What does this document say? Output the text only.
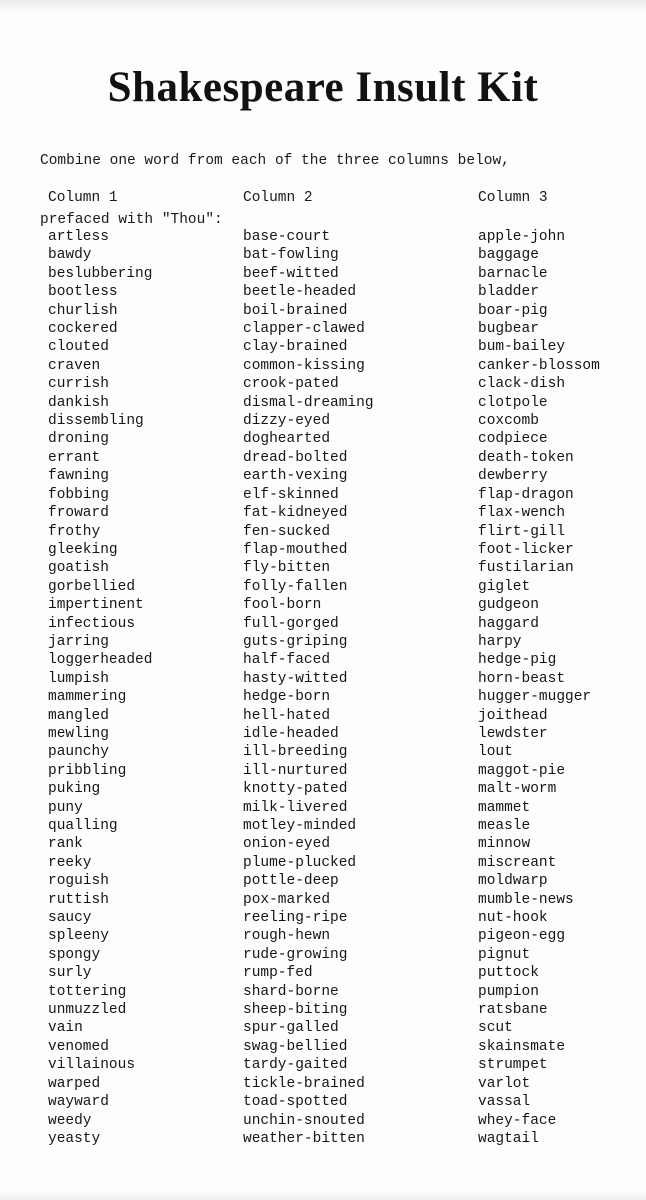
Shakespeare Insult Kit

Combine one word from each of the three columns below,

prefaced with "Thou":

Column 1
artless
bawdy
beslubbering
bootless
churlish
cockered
clouted
craven
currish
dankish
dissembling
droning
errant
fawning
fobbing
froward
frothy
gleeking
goatish
gorbellied
impertinent
infectious
jarring
loggerheaded
lumpish
mammering
mangled
mewling
paunchy
pribbling
puking
puny
qualling
rank
reeky
roguish
ruttish
saucy
spleeny
spongy
surly
tottering
unmuzzled
vain
venomed
villainous
warped
wayward
weedy
yeasty
Column 2
base-court
bat-fowling
beef-witted
beetle-headed
boil-brained
clapper-clawed
clay-brained
common-kissing
crook-pated
dismal-dreaming
dizzy-eyed
doghearted
dread-bolted
earth-vexing
elf-skinned
fat-kidneyed
fen-sucked
flap-mouthed
fly-bitten
folly-fallen
fool-born
full-gorged
guts-griping
half-faced
hasty-witted
hedge-born
hell-hated
idle-headed
ill-breeding
ill-nurtured
knotty-pated
milk-livered
motley-minded
onion-eyed
plume-plucked
pottle-deep
pox-marked
reeling-ripe
rough-hewn
rude-growing
rump-fed
shard-borne
sheep-biting
spur-galled
swag-bellied
tardy-gaited
tickle-brained
toad-spotted
unchin-snouted
weather-bitten
Column 3
apple-john
baggage
barnacle
bladder
boar-pig
bugbear
bum-bailey
canker-blossom
clack-dish
clotpole
coxcomb
codpiece
death-token
dewberry
flap-dragon
flax-wench
flirt-gill
foot-licker
fustilarian
giglet
gudgeon
haggard
harpy
hedge-pig
horn-beast
hugger-mugger
joithead
lewdster
lout
maggot-pie
malt-worm
mammet
measle
minnow
miscreant
moldwarp
mumble-news
nut-hook
pigeon-egg
pignut
puttock
pumpion
ratsbane
scut
skainsmate
strumpet
varlot
vassal
whey-face
wagtail
